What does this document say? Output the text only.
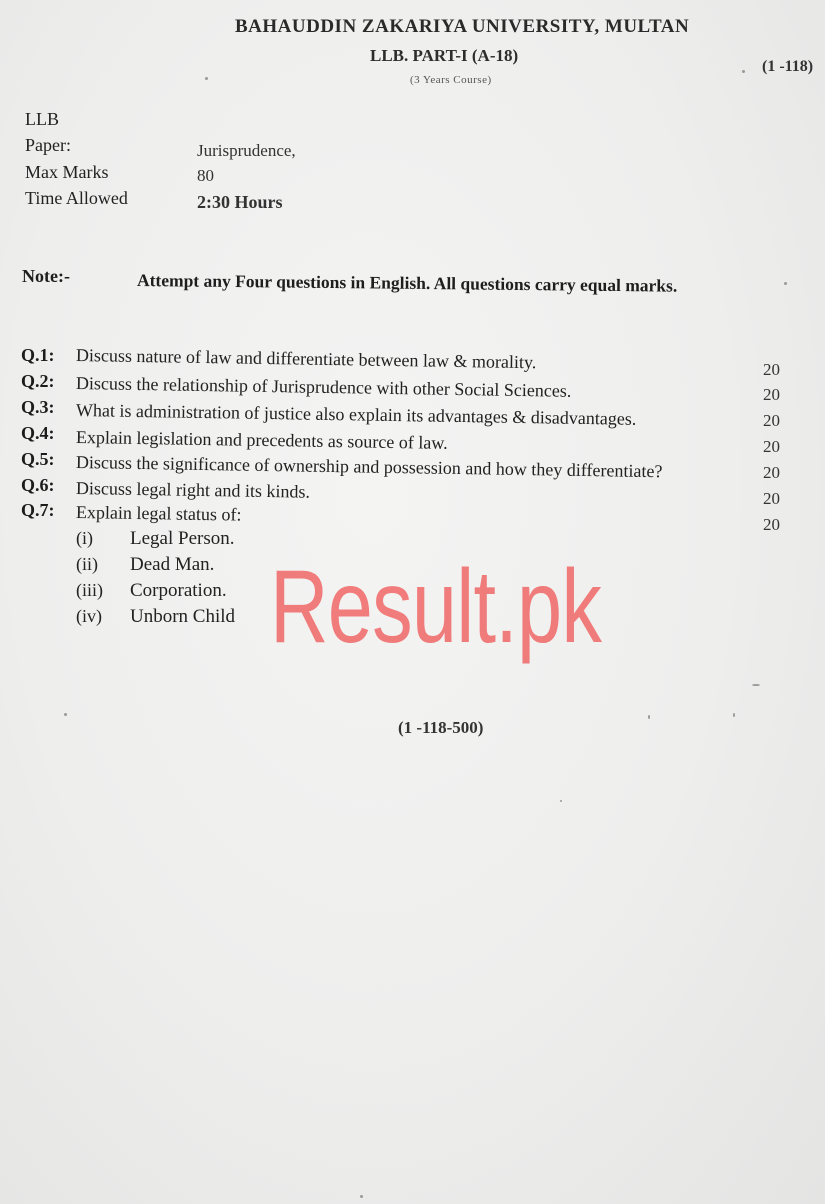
BAHAUDDIN ZAKARIYA UNIVERSITY, MULTAN
LLB. PART-I (A-18)
(3 Years Course)
(1 -118)
LLB
Paper:	Jurisprudence,
Max Marks	80
Time Allowed	2:30 Hours
Note:-	Attempt any Four questions in English. All questions carry equal marks.
Q.1: Discuss nature of law and differentiate between law & morality.	20
Q.2: Discuss the relationship of Jurisprudence with other Social Sciences.	20
Q.3: What is administration of justice also explain its advantages & disadvantages.	20
Q.4: Explain legislation and precedents as source of law.	20
Q.5: Discuss the significance of ownership and possession and how they differentiate?	20
Q.6: Discuss legal right and its kinds.	20
Q.7: Explain legal status of:	20
(i) Legal Person.
(ii) Dead Man.
(iii) Corporation.
(iv) Unborn Child Result.pk
(1 -118-500)
